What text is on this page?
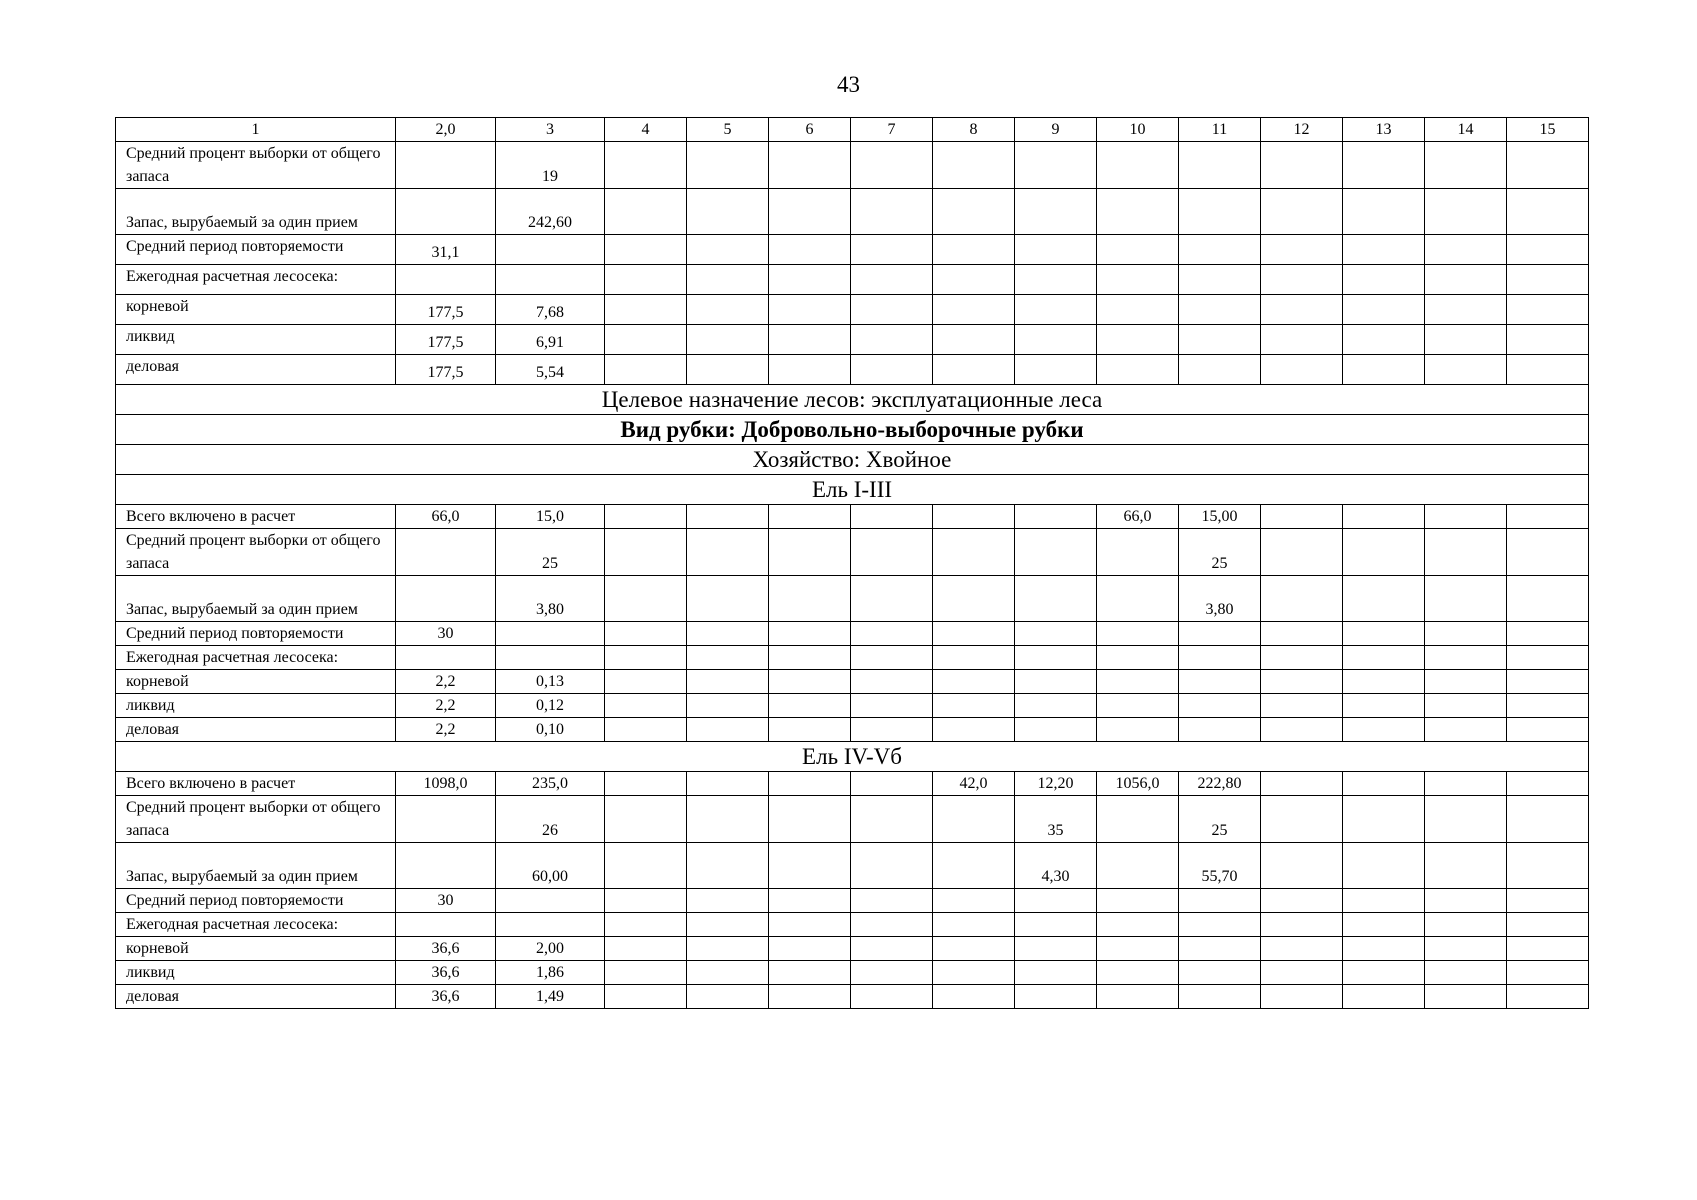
43
1	2,0	3	4	5	6	7	8	9	10	11	12	13	14	15
Средний процент выборки от общего запаса		19												
Запас, вырубаемый за один прием		242,60												
Средний период повторяемости	31,1													
Ежегодная расчетная лесосека:														
корневой	177,5	7,68												
ликвид	177,5	6,91												
деловая	177,5	5,54												
Целевое назначение лесов: эксплуатационные леса														
Вид рубки: Добровольно-выборочные рубки														
Хозяйство: Хвойное														
Ель I-III														
Всего включено в расчет	66,0	15,0							66,0	15,00				
Средний процент выборки от общего запаса		25								25				
Запас, вырубаемый за один прием		3,80								3,80				
Средний период повторяемости	30													
Ежегодная расчетная лесосека:														
корневой	2,2	0,13												
ликвид	2,2	0,12												
деловая	2,2	0,10												
Ель IV-Vб														
Всего включено в расчет	1098,0	235,0					42,0	12,20	1056,0	222,80				
Средний процент выборки от общего запаса		26						35		25				
Запас, вырубаемый за один прием		60,00						4,30		55,70				
Средний период повторяемости	30													
Ежегодная расчетная лесосека:														
корневой	36,6	2,00												
ликвид	36,6	1,86												
деловая	36,6	1,49												
